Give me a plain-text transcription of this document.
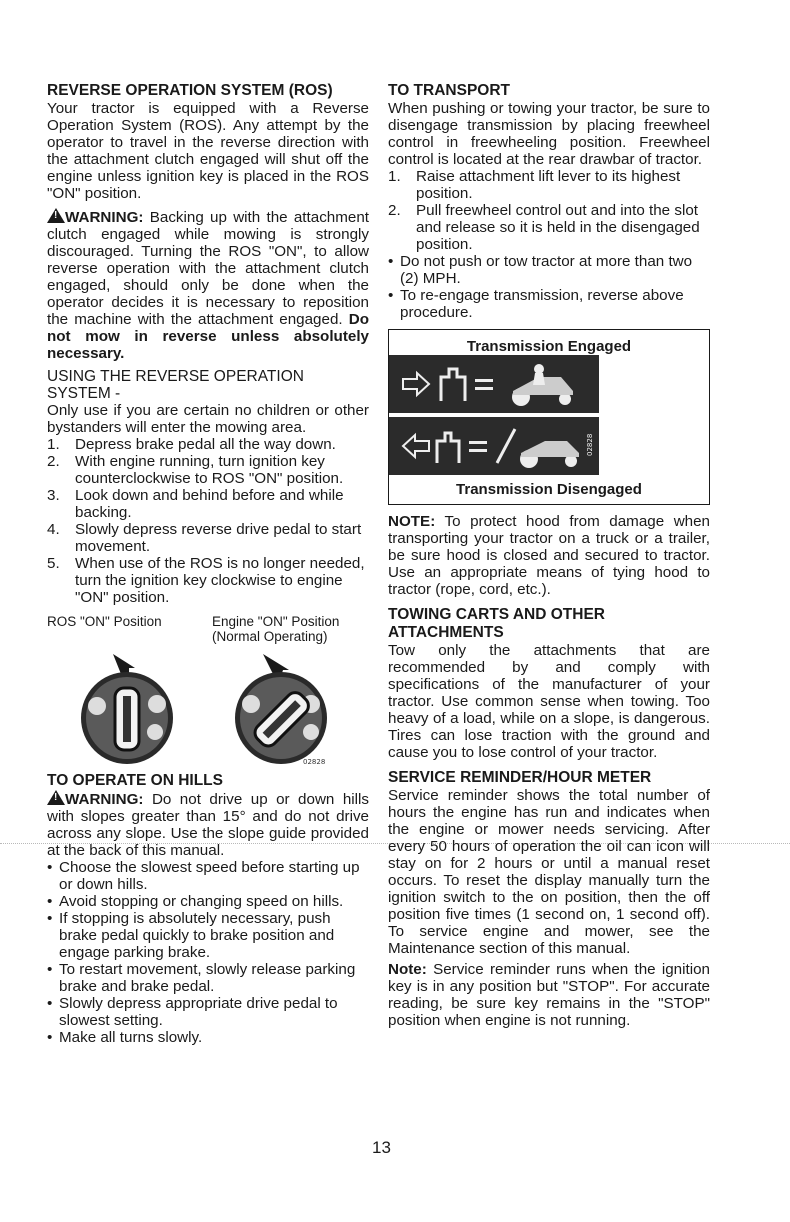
REVERSE OPERATION SYSTEM (ROS)

Your tractor is equipped with a Reverse Operation System (ROS). Any attempt by the operator to travel in the reverse direction with the attachment clutch engaged will shut off the engine unless ignition key is placed in the ROS "ON" position.

!WARNING: Backing up with the attachment clutch engaged while mowing is strongly discouraged. Turning the ROS "ON", to allow reverse operation with the attachment clutch engaged, should only be done when the operator decides it is necessary to reposition the machine with the attachment engaged. Do not mow in reverse unless absolutely necessary.

USING THE REVERSE OPERATION SYSTEM -

Only use if you are certain no children or other bystanders will enter the mowing area.

1.	Depress brake pedal all the way down.
2.	With engine running, turn ignition key counterclockwise to ROS "ON" position.
3.	Look down and behind before and while backing.
4.	Slowly depress reverse drive pedal to start movement.
5.	When use of the ROS is no longer needed, turn the ignition key clockwise to engine "ON" position.
ROS "ON" Position	Engine "ON" Position
(Normal Operating)
02828

TO OPERATE ON HILLS

!WARNING: Do not drive up or down hills with slopes greater than 15° and do not drive across any slope. Use the slope guide provided at the back of this manual.

• Choose the slowest speed before starting up or down hills.
• Avoid stopping or changing speed on hills.
• If stopping is absolutely necessary, push brake pedal quickly to brake position and engage parking brake.
• To restart movement, slowly release parking brake and brake pedal.
• Slowly depress appropriate drive pedal to slowest setting.
• Make all turns slowly.

TO TRANSPORT

When pushing or towing your tractor, be sure to disengage transmission by placing freewheel control in freewheeling position. Freewheel control is located at the rear drawbar of tractor.

1.	Raise attachment lift lever to its highest position.
2.	Pull freewheel control out and into the slot and release so it is held in the disengaged position.
• Do not push or tow tractor at more than two (2) MPH.
• To re-engage transmission, reverse above procedure.
Transmission Engaged
02828
Transmission Disengaged

NOTE: To protect hood from damage when transporting your tractor on a truck or a trailer, be sure hood is closed and secured to tractor. Use an appropriate means of tying hood to tractor (rope, cord, etc.).

TOWING CARTS AND OTHER ATTACHMENTS

Tow only the attachments that are recommended by and comply with specifications of the manufacturer of your tractor. Use common sense when towing. Too heavy of a load, while on a slope, is dangerous. Tires can lose traction with the ground and cause you to lose control of your tractor.

SERVICE REMINDER/HOUR METER

Service reminder shows the total number of hours the engine has run and indicates when the engine or mower needs servicing. After every 50 hours of operation the oil can icon will stay on for 2 hours or until a manual reset occurs. To reset the display manually turn the ignition switch to the on position, then the off position five times (1 second on, 1 second off). To service engine and mower, see the Maintenance section of this manual.

Note: Service reminder runs when the ignition key is in any position but "STOP". For accurate reading, be sure key remains in the "STOP" position when engine is not running.

13
